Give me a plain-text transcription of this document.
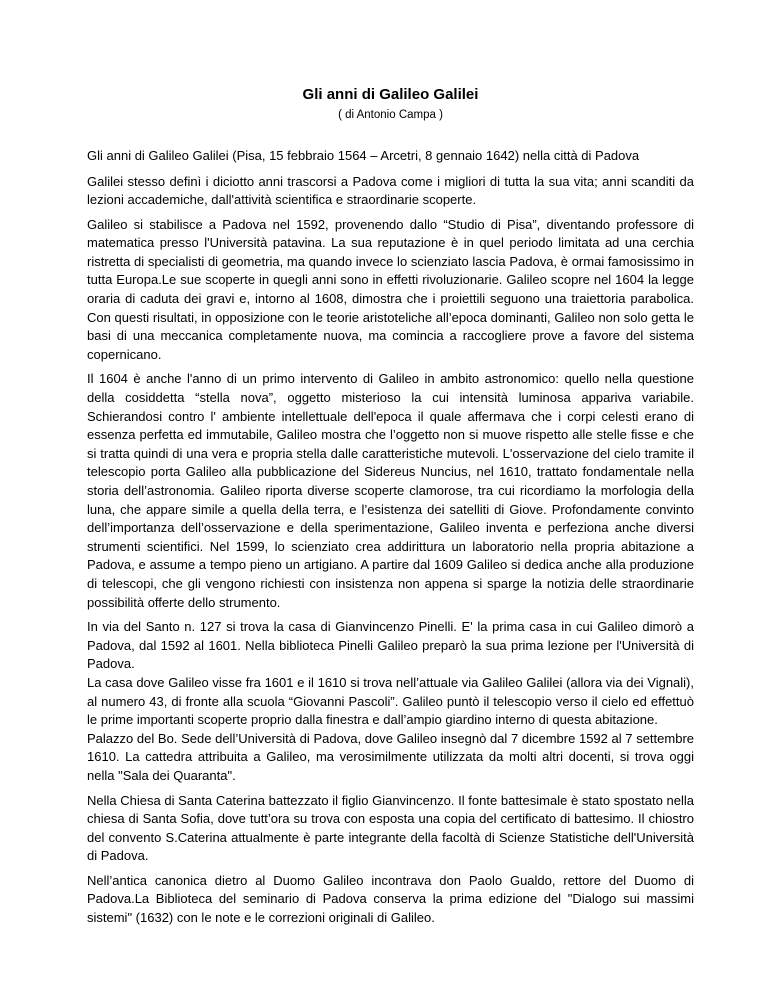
Gli anni di Galileo Galilei
( di Antonio Campa )
Gli anni di Galileo Galilei (Pisa, 15 febbraio 1564 – Arcetri, 8 gennaio 1642) nella città di Padova
Galilei stesso definì i diciotto anni trascorsi a Padova come i migliori di tutta la sua vita; anni scanditi da lezioni accademiche, dall'attività scientifica e straordinarie scoperte.
Galileo si stabilisce a Padova nel 1592, provenendo dallo “Studio di Pisa”, diventando professore di matematica presso l'Università patavina. La sua reputazione è in quel periodo limitata ad una cerchia ristretta di specialisti di geometria, ma quando invece lo scienziato lascia Padova, è ormai famosissimo in tutta Europa.Le sue scoperte in quegli anni sono in effetti rivoluzionarie. Galileo scopre nel 1604 la legge oraria di caduta dei gravi e, intorno al 1608, dimostra che i proiettili seguono una traiettoria parabolica. Con questi risultati, in opposizione con le teorie aristoteliche all’epoca dominanti, Galileo non solo getta le basi di una meccanica completamente nuova, ma comincia a raccogliere prove a favore del sistema copernicano.
Il 1604 è anche l'anno di un primo intervento di Galileo in ambito astronomico: quello nella questione della cosiddetta “stella nova”, oggetto misterioso la cui intensità luminosa appariva variabile. Schierandosi contro l' ambiente intellettuale dell'epoca il quale affermava che i corpi celesti erano di essenza perfetta ed immutabile, Galileo mostra che l’oggetto non si muove rispetto alle stelle fisse e che si tratta quindi di una vera e propria stella dalle caratteristiche mutevoli. L'osservazione del cielo tramite il telescopio porta Galileo alla pubblicazione del Sidereus Nuncius, nel 1610, trattato fondamentale nella storia dell’astronomia. Galileo riporta diverse scoperte clamorose, tra cui ricordiamo la morfologia della luna, che appare simile a quella della terra, e l’esistenza dei satelliti di Giove. Profondamente convinto dell’importanza dell’osservazione e della sperimentazione, Galileo inventa e perfeziona anche diversi strumenti scientifici. Nel 1599, lo scienziato crea addirittura un laboratorio nella propria abitazione a Padova, e assume a tempo pieno un artigiano. A partire dal 1609 Galileo si dedica anche alla produzione di telescopi, che gli vengono richiesti con insistenza non appena si sparge la notizia delle straordinarie possibilità offerte dello strumento.
In via del Santo n. 127 si trova la casa di Gianvincenzo Pinelli. E' la prima casa in cui Galileo dimorò a Padova, dal 1592 al 1601. Nella biblioteca Pinelli Galileo preparò la sua prima lezione per l'Università di Padova.
La casa dove Galileo visse fra 1601 e il 1610 si trova nell’attuale via Galileo Galilei (allora via dei Vignali), al numero 43, di fronte alla scuola “Giovanni Pascoli”. Galileo puntò il telescopio verso il cielo ed effettuò le prime importanti scoperte proprio dalla finestra e dall’ampio giardino interno di questa abitazione.
Palazzo del Bo. Sede dell’Università di Padova, dove Galileo insegnò dal 7 dicembre 1592 al 7 settembre 1610. La cattedra attribuita a Galileo, ma verosimilmente utilizzata da molti altri docenti, si trova oggi nella "Sala dei Quaranta".
Nella Chiesa di Santa Caterina battezzato il figlio Gianvincenzo. Il fonte battesimale è stato spostato nella chiesa di Santa Sofia, dove tutt’ora su trova con esposta una copia del certificato di battesimo. Il chiostro del convento S.Caterina attualmente è parte integrante della facoltà di Scienze Statistiche dell'Università di Padova.
Nell’antica canonica dietro al Duomo Galileo incontrava don Paolo Gualdo, rettore del Duomo di Padova.La Biblioteca del seminario di Padova conserva la prima edizione del "Dialogo sui massimi sistemi" (1632) con le note e le correzioni originali di Galileo.
